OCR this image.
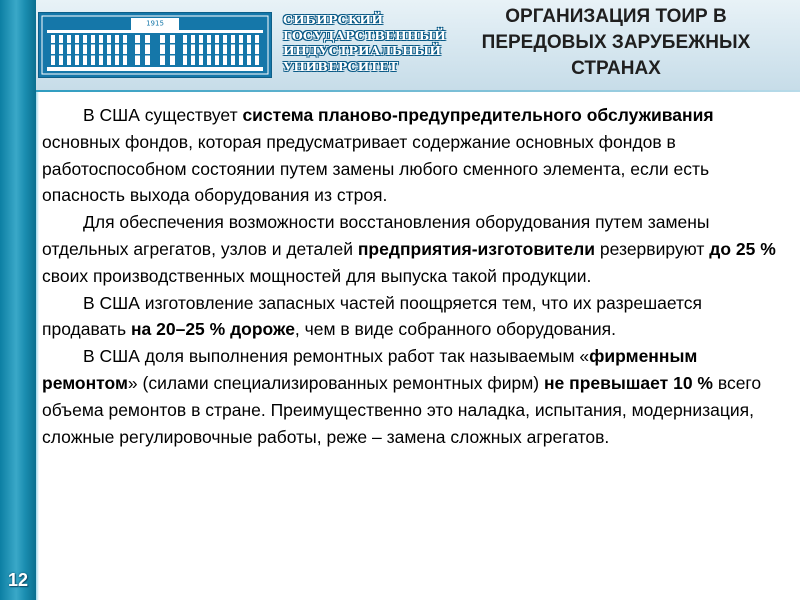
1915	СИБИРСКИЙ
ГОСУДАРСТВЕННЫЙ
ИНДУСТРИАЛЬНЫЙ
УНИВЕРСИТЕТ
ОРГАНИЗАЦИЯ ТОИР В
ПЕРЕДОВЫХ ЗАРУБЕЖНЫХ
СТРАНАХ

В США существует система планово-предупредительного обслуживания основных фондов, которая предусматривает содержание основных фондов в работоспособном состоянии путем замены любого сменного элемента, если есть опасность выхода оборудования из строя.

Для обеспечения возможности восстановления оборудования путем замены отдельных агрегатов, узлов и деталей предприятия-изготовители резервируют до 25 % своих производственных мощностей для выпуска такой продукции.

В США изготовление запасных частей поощряется тем, что их разрешается продавать на 20–25 % дороже, чем в виде собранного оборудования.

В США доля выполнения ремонтных работ так называемым «фирменным ремонтом» (силами специализированных ремонтных фирм) не превышает 10 % всего объема ремонтов в стране. Преимущественно это наладка, испытания, модернизация, сложные регулировочные работы, реже – замена сложных агрегатов.

12
